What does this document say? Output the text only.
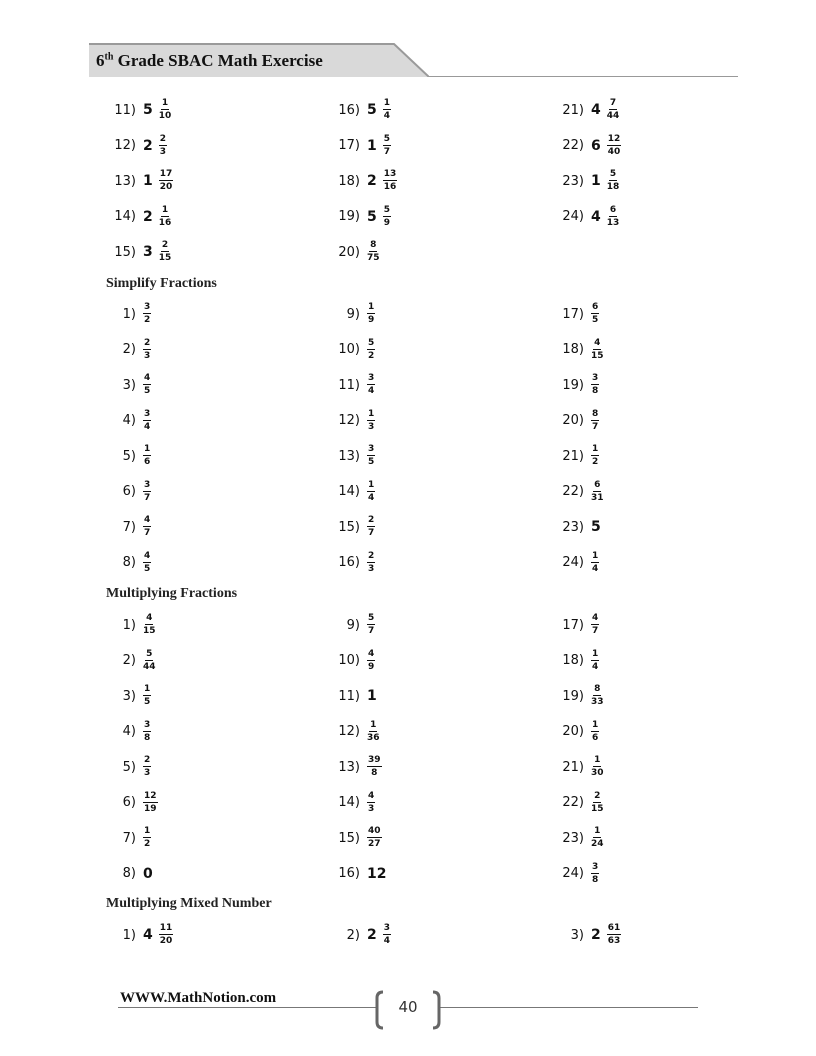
6th Grade SBAC Math Exercise
11) $5 \frac{1}{10}$
12) $2 \frac{2}{3}$
13) $1 \frac{17}{20}$
14) $2 \frac{1}{16}$
15) $3 \frac{2}{15}$
16) $5 \frac{1}{4}$
17) $1 \frac{5}{7}$
18) $2 \frac{13}{16}$
19) $5 \frac{5}{9}$
$20) \frac{8}{75}$
21) $4 \frac{7}{44}$
22) $6 \frac{12}{40}$
23) $1 \frac{5}{18}$
24) $4 \frac{6}{13}$
Simplify Fractions
$1) \frac{3}{2}$
$2) \frac{2}{3}$
$3) \frac{4}{5}$
$4) \frac{3}{4}$
$5) \frac{1}{6}$
$6) \frac{3}{7}$
$7) \frac{4}{7}$
$8) \frac{4}{5}$
$9) \frac{1}{9}$
$10) \frac{5}{2}$
$11) \frac{3}{4}$
$12) \frac{1}{3}$
$13) \frac{3}{5}$
$14) \frac{1}{4}$
$15) \frac{2}{7}$
$16) \frac{2}{3}$
$17) \frac{6}{5}$
$18) \frac{4}{15}$
$19) \frac{3}{8}$
$20) \frac{8}{7}$
$21) \frac{1}{2}$
$22) \frac{6}{31}$
23) 5
$24) \frac{1}{4}$
Multiplying Fractions
$1) \frac{4}{15}$
$2) \frac{5}{44}$
$3) \frac{1}{5}$
$4) \frac{3}{8}$
$5) \frac{2}{3}$
$6) \frac{12}{19}$
$7) \frac{1}{2}$
8) 0
$9) \frac{5}{7}$
$10) \frac{4}{9}$
11) 1
$12) \frac{1}{36}$
$13) \frac{39}{8}$
$14) \frac{4}{3}$
$15) \frac{40}{27}$
16) 12
$17) \frac{4}{7}$
$18) \frac{1}{4}$
$19) \frac{8}{33}$
$20) \frac{1}{6}$
$21) \frac{1}{30}$
$22) \frac{2}{15}$
$23) \frac{1}{24}$
$24) \frac{3}{8}$
Multiplying Mixed Number
1) $4 \frac{11}{20}$	2) $2 \frac{3}{4}$	3) $2 \frac{61}{63}$
WWW.MathNotion.com	40
